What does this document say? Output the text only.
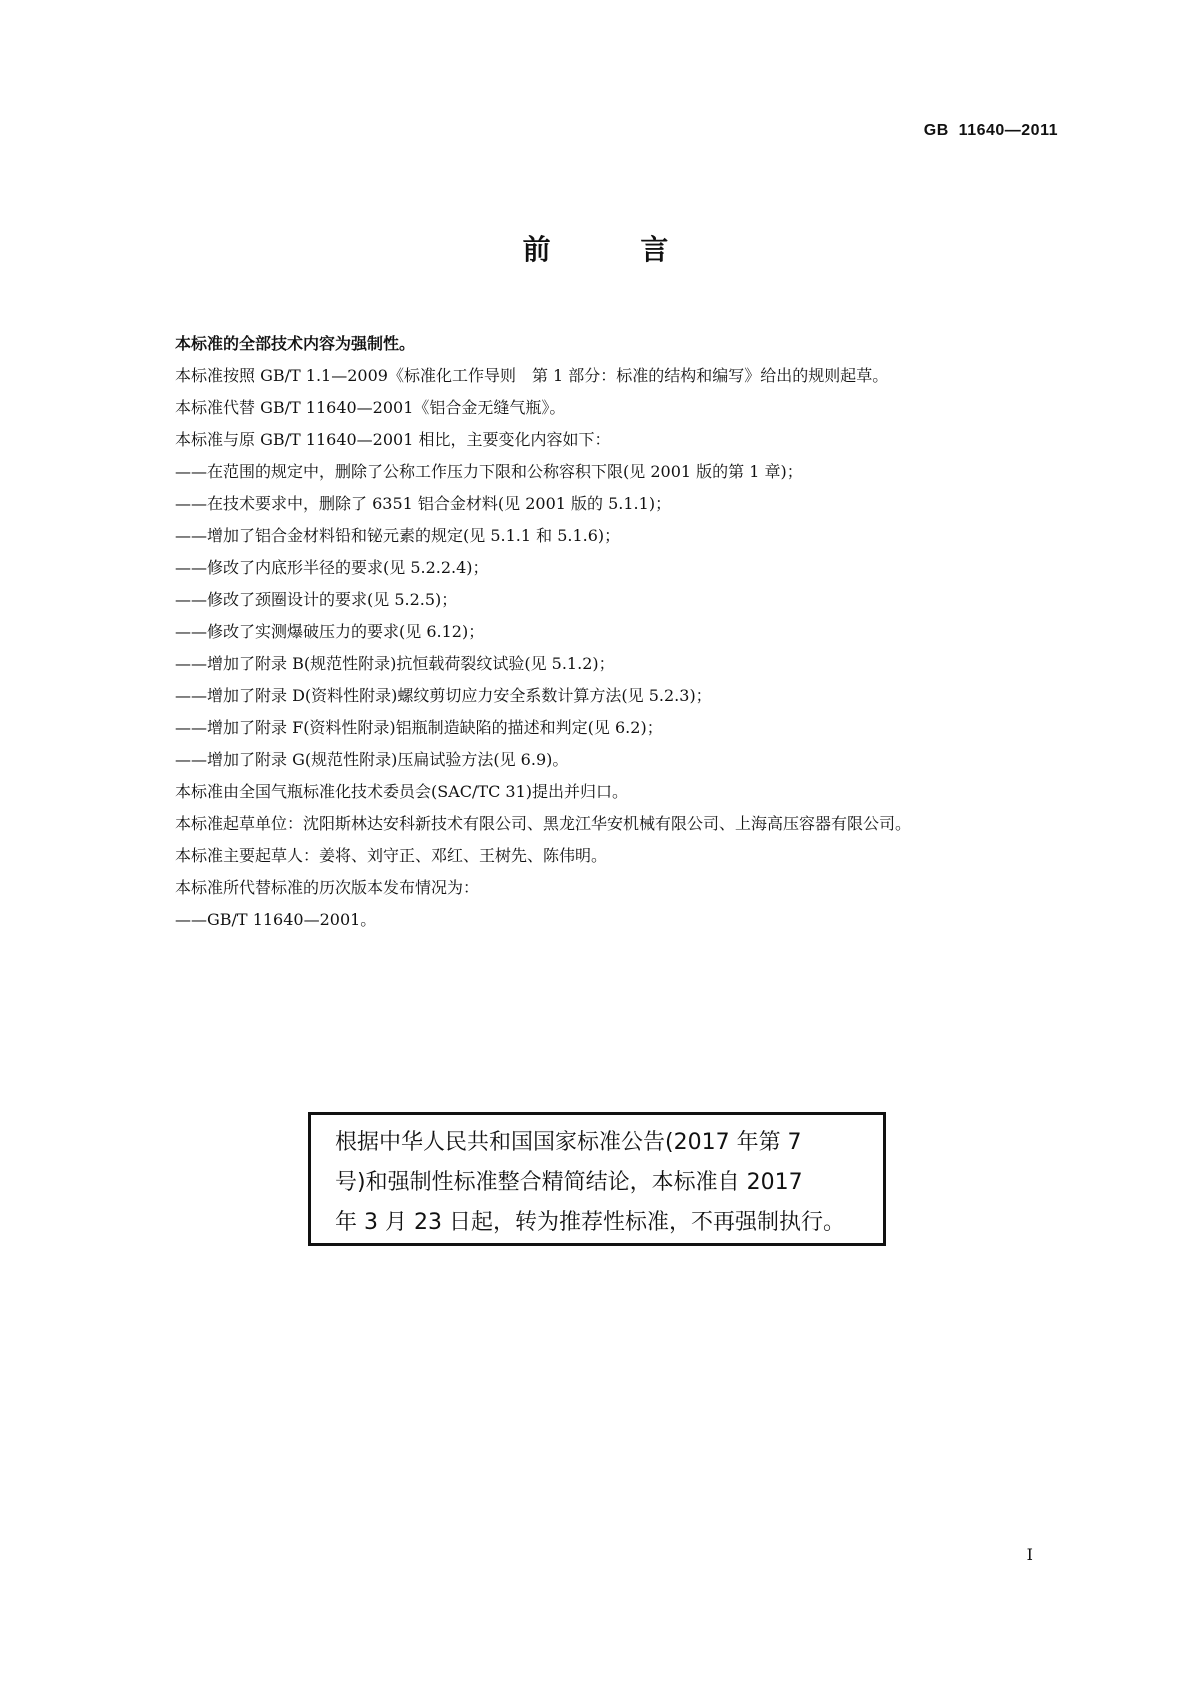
GB  11640—2011
前 言

本标准的全部技术内容为强制性。

本标准按照 GB/T 1.1—2009《标准化工作导则　第 1 部分：标准的结构和编写》给出的规则起草。

本标准代替 GB/T 11640—2001《铝合金无缝气瓶》。

本标准与原 GB/T 11640—2001 相比，主要变化内容如下：

——在范围的规定中，删除了公称工作压力下限和公称容积下限(见 2001 版的第 1 章)；

——在技术要求中，删除了 6351 铝合金材料(见 2001 版的 5.1.1)；

——增加了铝合金材料铅和铋元素的规定(见 5.1.1 和 5.1.6)；

——修改了内底形半径的要求(见 5.2.2.4)；

——修改了颈圈设计的要求(见 5.2.5)；

——修改了实测爆破压力的要求(见 6.12)；

——增加了附录 B(规范性附录)抗恒载荷裂纹试验(见 5.1.2)；

——增加了附录 D(资料性附录)螺纹剪切应力安全系数计算方法(见 5.2.3)；

——增加了附录 F(资料性附录)铝瓶制造缺陷的描述和判定(见 6.2)；

——增加了附录 G(规范性附录)压扁试验方法(见 6.9)。

本标准由全国气瓶标准化技术委员会(SAC/TC 31)提出并归口。

本标准起草单位：沈阳斯林达安科新技术有限公司、黑龙江华安机械有限公司、上海高压容器有限公司。

本标准主要起草人：姜将、刘守正、邓红、王树先、陈伟明。

本标准所代替标准的历次版本发布情况为：

——GB/T 11640—2001。

根据中华人民共和国国家标准公告(2017 年第 7
号)和强制性标准整合精简结论，本标准自 2017
年 3 月 23 日起，转为推荐性标准，不再强制执行。
I
